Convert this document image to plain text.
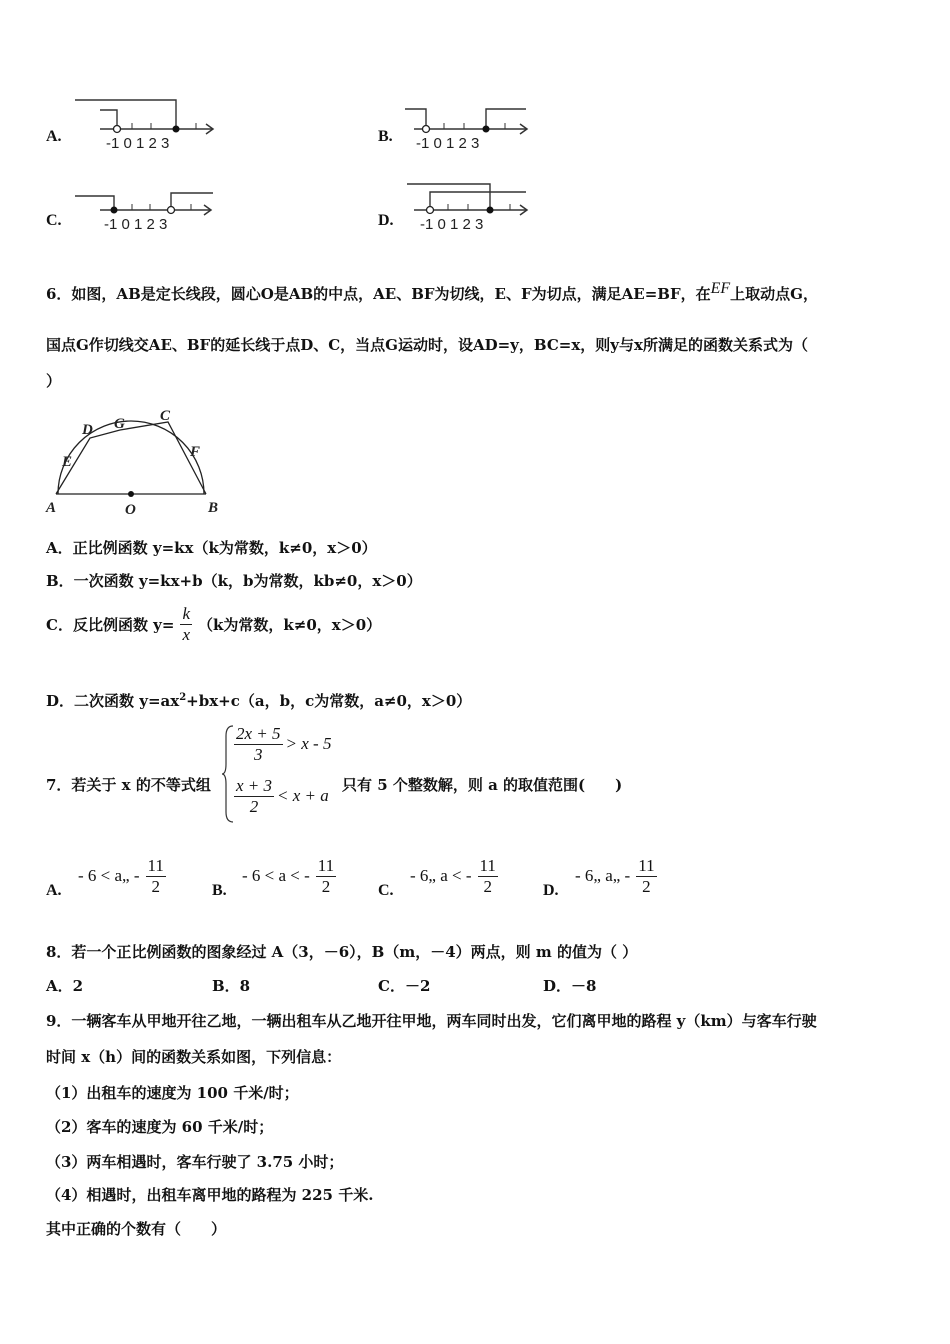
A.	-1 0 1 2 3	B. -1 0 1 2 3
C.	-1 0 1 2 3	D. -1 0 1 2 3
6．如图，AB是定长线段，圆心O是AB的中点，AE、BF为切线，E、F为切点，满足AE=BF，在EF上取动点G，
国点G作切线交AE、BF的延长线于点D、C，当点G运动时，设AD=y，BC=x，则y与x所满足的函数关系式为（
）
A	B
O
E
D G C
F
A．正比例函数 y=kx（k为常数，k≠0，x＞0）
B．一次函数 y=kx+b（k，b为常数，kb≠0，x＞0）
C．反比例函数 $y= \frac{k}{x} (k$为常数，k≠0，x＞0）
D．二次函数 $y=ax^2+bx+c(a$，b，c为常数，a≠0，x＞0）
7．若关于 x 的不等式组
$\frac{2x + 5}{3} > x - 5$
$\frac{x + 3}{2} < x + a$
只有 5 个整数解，则 a 的取值范围(　　)
A.
- 6 < a„ - $\frac{11}{2}$	B.
- 6 < a < - $\frac{11}{2}$	C.
- 6„ a < - $\frac{11}{2}$	D.
- 6„ a„ - $\frac{11}{2}$
8．若一个正比例函数的图象经过 A（3，－6），B（m，－4）两点，则 m 的值为（ ）
A．2	B．8	C．－2	D．－8
9．一辆客车从甲地开往乙地，一辆出租车从乙地开往甲地，两车同时出发，它们离甲地的路程 y（km）与客车行驶
时间 x（h）间的函数关系如图，下列信息：
（1）出租车的速度为 100 千米/时；
（2）客车的速度为 60 千米/时；
（3）两车相遇时，客车行驶了 3.75 小时；
（4）相遇时，出租车离甲地的路程为 225 千米.
其中正确的个数有（　　）
